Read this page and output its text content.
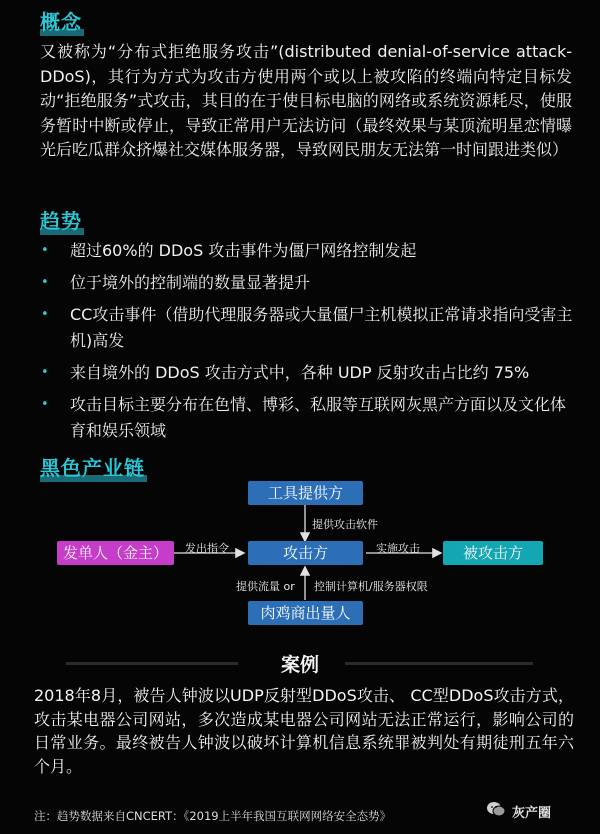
概念
又被称为“分布式拒绝服务攻击”(distributed denial-of-service attack-DDoS)，其行为方式为攻击方使用两个或以上被攻陷的终端向特定目标发动“拒绝服务”式攻击，其目的在于使目标电脑的网络或系统资源耗尽，使服务暂时中断或停止，导致正常用户无法访问（最终效果与某顶流明星恋情曝光后吃瓜群众挤爆社交媒体服务器，导致网民朋友无法第一时间跟进类似）
趋势
• 超过60%的 DDoS 攻击事件为僵尸网络控制发起
• 位于境外的控制端的数量显著提升
• CC攻击事件（借助代理服务器或大量僵尸主机模拟正常请求指向受害主机)高发
• 来自境外的 DDoS 攻击方式中，各种 UDP 反射攻击占比约 75%
• 攻击目标主要分布在色情、博彩、私服等互联网灰黑产方面以及文化体育和娱乐领域
黑色产业链
工具提供方
发单人（金主）	攻击方	被攻击方
肉鸡商出量人
提供攻击软件
发出指令	实施攻击
提供流量 or 控制计算机/服务器权限
案例
2018年8月，被告人钟波以UDP反射型DDoS攻击、 CC型DDoS攻击方式，攻击某电器公司网站，多次造成某电器公司网站无法正常运行，影响公司的日常业务。最终被告人钟波以破坏计算机信息系统罪被判处有期徒刑五年六个月。
注：趋势数据来自CNCERT：《2019上半年我国互联网网络安全态势》	灰产圈
